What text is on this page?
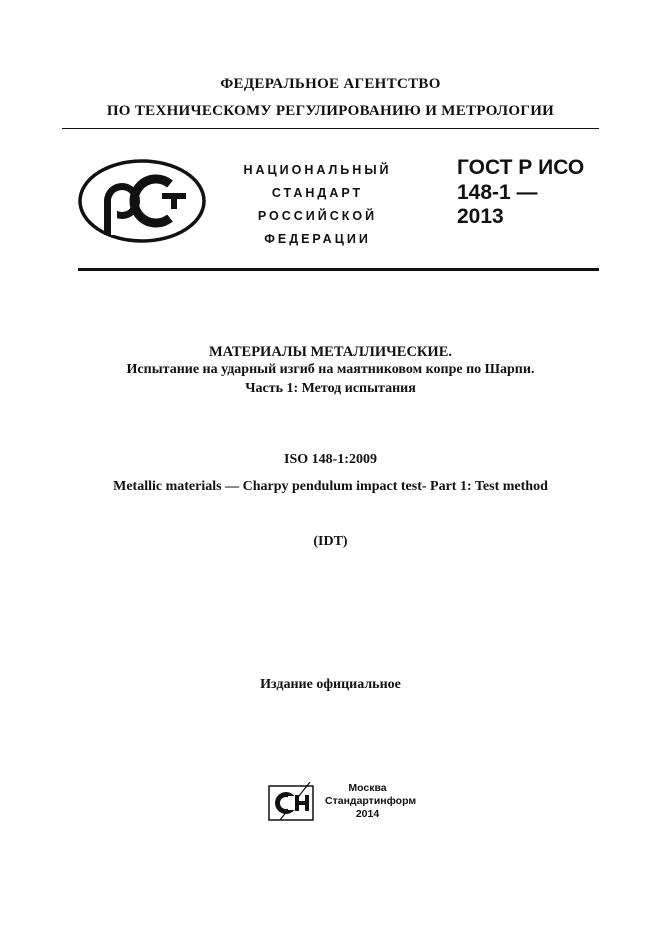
ФЕДЕРАЛЬНОЕ АГЕНТСТВО
ПО ТЕХНИЧЕСКОМУ РЕГУЛИРОВАНИЮ И МЕТРОЛОГИИ
НАЦИОНАЛЬНЫЙ
СТАНДАРТ
РОССИЙСКОЙ
ФЕДЕРАЦИИ
ГОСТ Р ИСО
148-1 —
2013
МАТЕРИАЛЫ МЕТАЛЛИЧЕСКИЕ.
Испытание на ударный изгиб на маятниковом копре по Шарпи.
Часть 1: Метод испытания
ISO 148-1:2009
Metallic materials — Charpy pendulum impact test- Part 1: Test method
(IDT)
Издание официальное
Москва
Стандартинформ
2014
